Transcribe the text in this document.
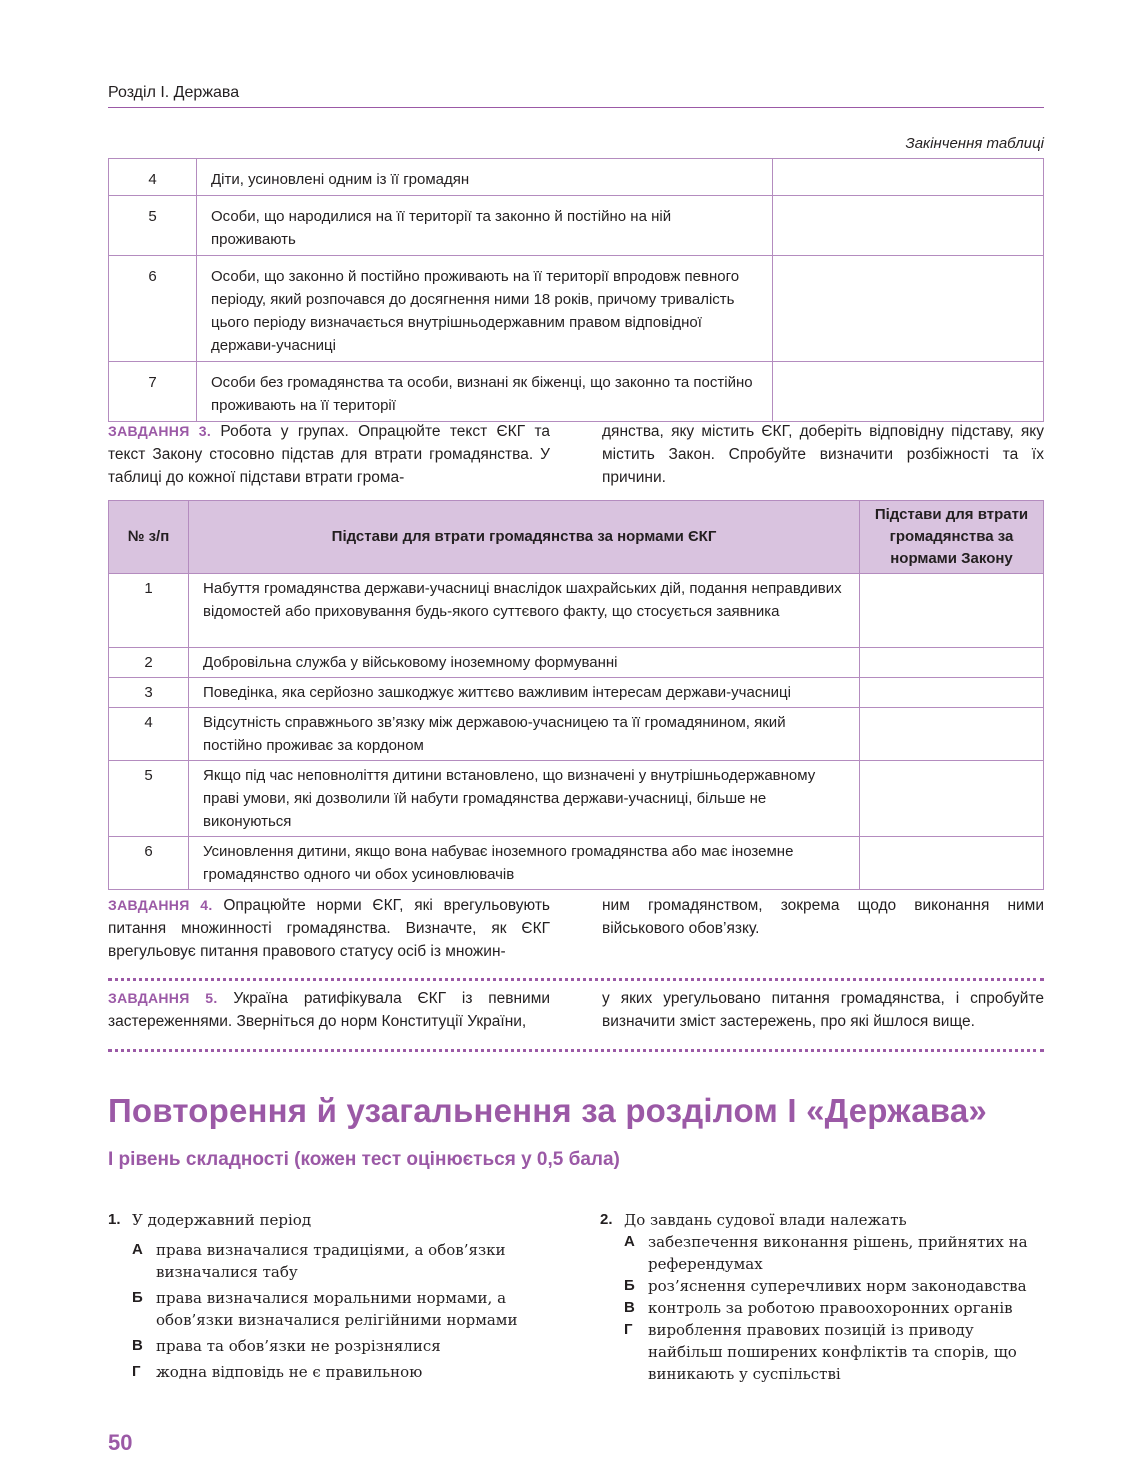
Розділ І. Держава
Закінчення таблиці
4	Діти, усиновлені одним із її громадян	
5	Особи, що народилися на її території та законно й постійно на ній проживають	
6	Особи, що законно й постійно проживають на її території впродовж певного періоду, який розпочався до досягнення ними 18 років, причому тривалість цього періоду визначається внутрішньодержавним правом відповідної держави-учасниці	
7	Особи без громадянства та особи, визнані як біженці, що законно та постійно проживають на її території	
ЗАВДАННЯ 3. Робота у групах. Опрацюйте текст ЄКГ та текст Закону стосовно підстав для втрати громадянства. У таблиці до кожної підстави втрати грома-
дянства, яку містить ЄКГ, доберіть відповідну підставу, яку містить Закон. Спробуйте визначити розбіжності та їх причини.
№ з/п	Підстави для втрати громадянства за нормами ЄКГ	Підстави для втрати громадянства за нормами Закону
1	Набуття громадянства держави-учасниці внаслідок шахрайських дій, подання неправдивих відомостей або приховування будь-якого суттєвого факту, що стосується заявника	
2	Добровільна служба у військовому іноземному формуванні	
3	Поведінка, яка серйозно зашкоджує життєво важливим інтересам держави-учасниці	
4	Відсутність справжнього зв’язку між державою-учасницею та її громадянином, який постійно проживає за кордоном	
5	Якщо під час неповноліття дитини встановлено, що визначені у внутрішньодержавному праві умови, які дозволили їй набути громадянства держави-учасниці, більше не виконуються	
6	Усиновлення дитини, якщо вона набуває іноземного громадянства або має іноземне громадянство одного чи обох усиновлювачів	
ЗАВДАННЯ 4. Опрацюйте норми ЄКГ, які врегульовують питання множинності громадянства. Визначте, як ЄКГ врегульовує питання правового статусу осіб із множин-
ним громадянством, зокрема щодо виконання ними військового обов’язку.
ЗАВДАННЯ 5. Україна ратифікувала ЄКГ із певними застереженнями. Зверніться до норм Конституції України,
у яких урегульовано питання громадянства, і спробуйте визначити зміст застережень, про які йшлося вище.
Повторення й узагальнення за розділом І «Держава»
І рівень складності (кожен тест оцінюється у 0,5 бала)
1. У додержавний період
А права визначалися традиціями, а обов’язки визначалися табу
Б права визначалися моральними нормами, а обов’язки визначалися релігійними нормами
В права та обов’язки не розрізнялися
Г жодна відповідь не є правильною
2. До завдань судової влади належать
А забезпечення виконання рішень, прийнятих на референдумах
Б роз’яснення суперечливих норм законодавства
В контроль за роботою правоохоронних органів
Г вироблення правових позицій із приводу найбільш поширених конфліктів та спорів, що виникають у суспільстві
50
